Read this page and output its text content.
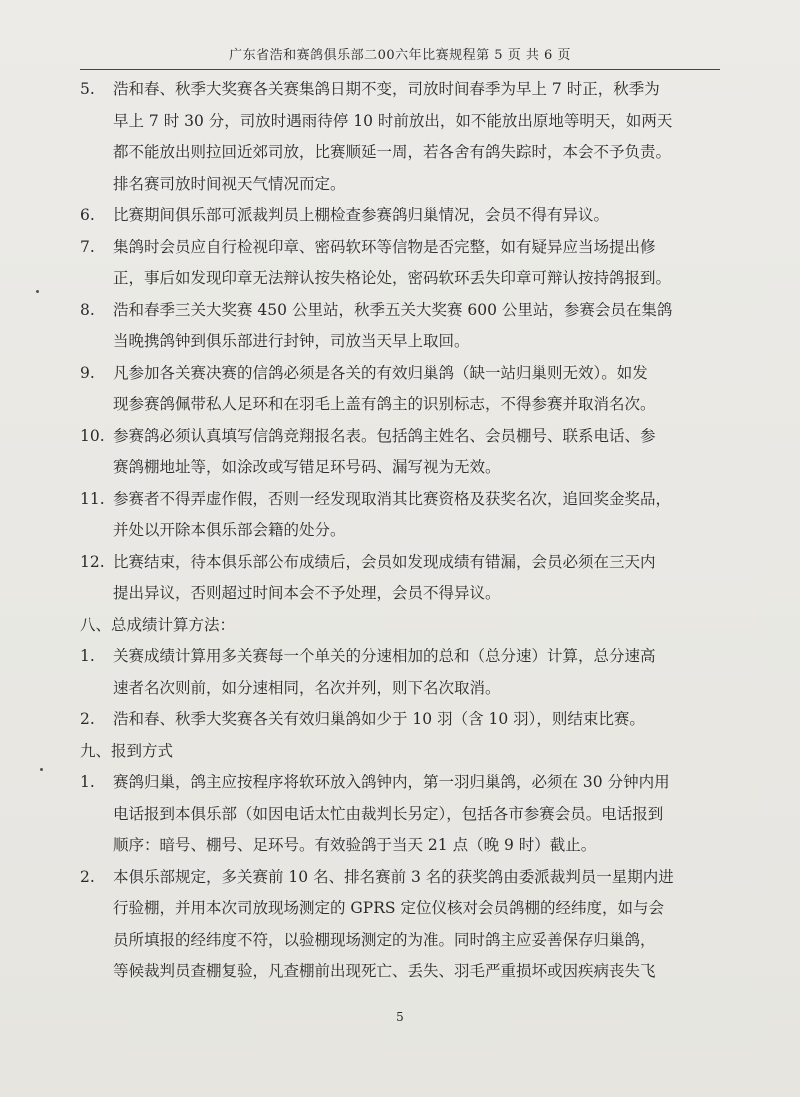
广东省浩和赛鸽俱乐部二00六年比赛规程第 5 页 共 6 页
5. 浩和春、秋季大奖赛各关赛集鸽日期不变，司放时间春季为早上 7 时正，秋季为
早上 7 时 30 分，司放时遇雨待停 10 时前放出，如不能放出原地等明天，如两天
都不能放出则拉回近郊司放，比赛顺延一周，若各舍有鸽失踪时，本会不予负责。
排名赛司放时间视天气情况而定。
6. 比赛期间俱乐部可派裁判员上棚检查参赛鸽归巢情况，会员不得有异议。
7. 集鸽时会员应自行检视印章、密码软环等信物是否完整，如有疑异应当场提出修
正，事后如发现印章无法辩认按失格论处，密码软环丢失印章可辩认按持鸽报到。
8. 浩和春季三关大奖赛 450 公里站，秋季五关大奖赛 600 公里站，参赛会员在集鸽
当晚携鸽钟到俱乐部进行封钟，司放当天早上取回。
9. 凡参加各关赛决赛的信鸽必须是各关的有效归巢鸽（缺一站归巢则无效）。如发
现参赛鸽佩带私人足环和在羽毛上盖有鸽主的识别标志，不得参赛并取消名次。
10. 参赛鸽必须认真填写信鸽竞翔报名表。包括鸽主姓名、会员棚号、联系电话、参
赛鸽棚地址等，如涂改或写错足环号码、漏写视为无效。
11. 参赛者不得弄虚作假，否则一经发现取消其比赛资格及获奖名次，追回奖金奖品，
并处以开除本俱乐部会籍的处分。
12. 比赛结束，待本俱乐部公布成绩后，会员如发现成绩有错漏，会员必须在三天内
提出异议，否则超过时间本会不予处理，会员不得异议。
八、总成绩计算方法：
1. 关赛成绩计算用多关赛每一个单关的分速相加的总和（总分速）计算，总分速高
速者名次则前，如分速相同，名次并列，则下名次取消。
2. 浩和春、秋季大奖赛各关有效归巢鸽如少于 10 羽（含 10 羽），则结束比赛。
九、报到方式
1. 赛鸽归巢，鸽主应按程序将软环放入鸽钟内，第一羽归巢鸽，必须在 30 分钟内用
电话报到本俱乐部（如因电话太忙由裁判长另定），包括各市参赛会员。电话报到
顺序：暗号、棚号、足环号。有效验鸽于当天 21 点（晚 9 时）截止。
2. 本俱乐部规定，多关赛前 10 名、排名赛前 3 名的获奖鸽由委派裁判员一星期内进
行验棚，并用本次司放现场测定的 GPRS 定位仪核对会员鸽棚的经纬度，如与会
员所填报的经纬度不符，以验棚现场测定的为准。同时鸽主应妥善保存归巢鸽，
等候裁判员查棚复验，凡查棚前出现死亡、丢失、羽毛严重损坏或因疾病丧失飞
5
